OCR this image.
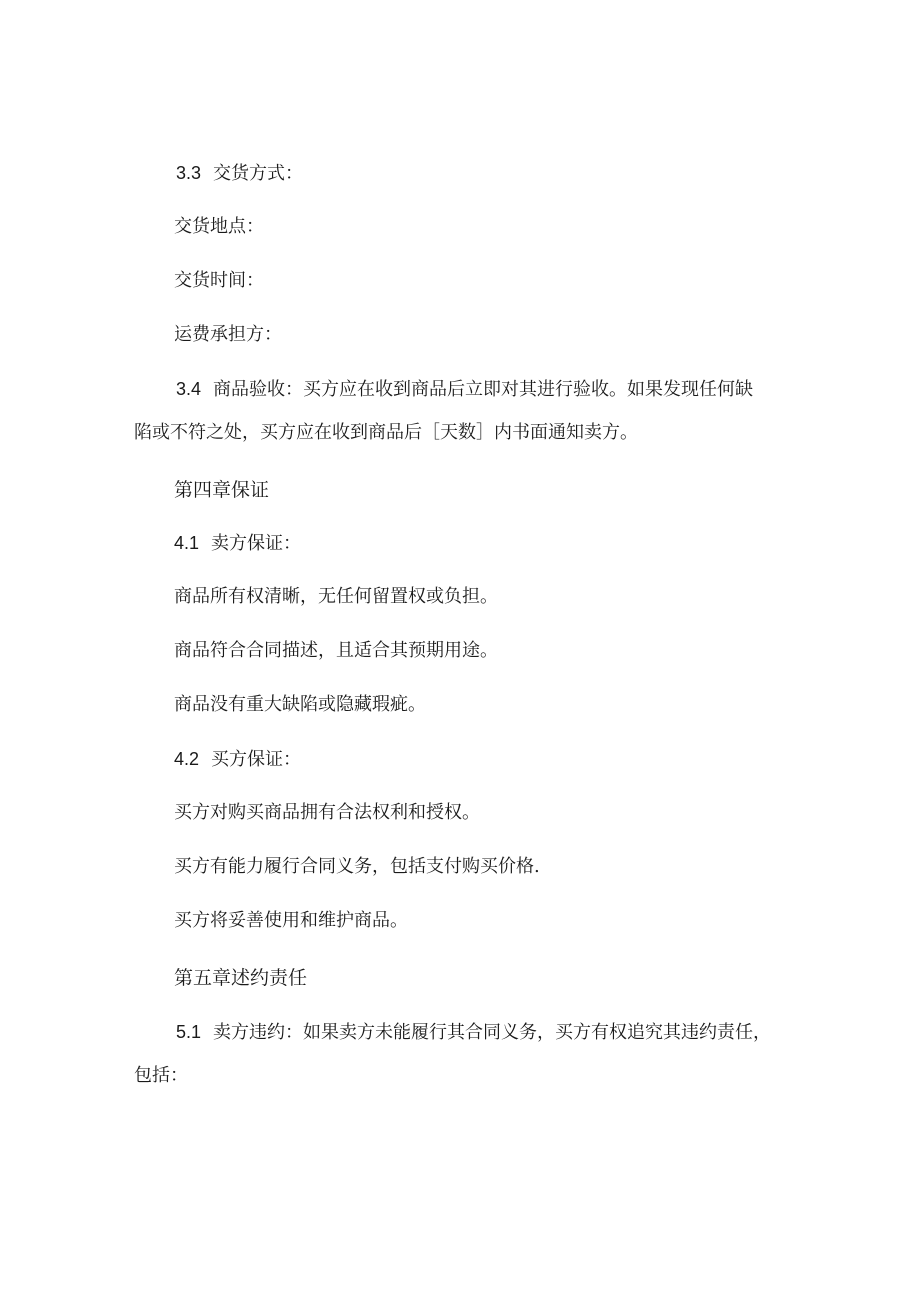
3.3 交货方式：
交货地点：
交货时间：
运费承担方：
3.4 商品验收：买方应在收到商品后立即对其进行验收。如果发现任何缺
陷或不符之处，买方应在收到商品后［天数］内书面通知卖方。
第四章保证
4.1 卖方保证：
商品所有权清晰，无任何留置权或负担。
商品符合合同描述，且适合其预期用途。
商品没有重大缺陷或隐藏瑕疵。
4.2 买方保证：
买方对购买商品拥有合法权利和授权。
买方有能力履行合同义务，包括支付购买价格.
买方将妥善使用和维护商品。
第五章述约责任
5.1 卖方违约：如果卖方未能履行其合同义务，买方有权追究其违约责任，
包括：
